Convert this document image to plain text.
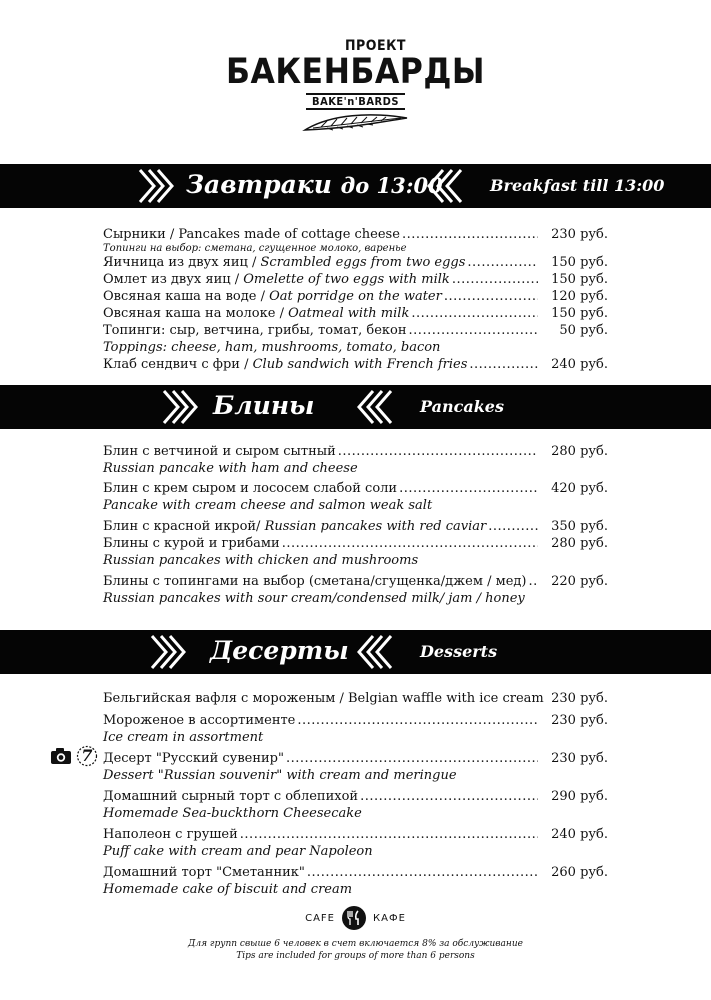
ПРОЕКТ
БАКЕНБАРДЫ
BAKE'n'BARDS
Завтраки до 13:00	Breakfast till 13:00
Сырники / Pancakes made of cottage cheese .....	230 руб.
Топинги на выбор: сметана, сгущенное молоко, варенье
Яичница из двух яиц / Scrambled eggs from two eggs .....	150 руб.
Омлет из двух яиц / Omelette of two eggs with milk .....	150 руб.
Овсяная каша на воде / Oat porridge on the water .....	120 руб.
Овсяная каша на молоке / Oatmeal with milk .....	150 руб.
Топинги: сыр, ветчина, грибы, томат, бекон .....	50 руб.
Toppings: cheese, ham, mushrooms, tomato, bacon
Клаб сендвич с фри / Club sandwich with French fries .....	240 руб.
Блины	Pancakes
Блин с ветчиной и сыром сытный .....	280 руб.
Russian pancake with ham and cheese
Блин с крем сыром и лососем слабой соли .....	420 руб.
Pancake with cream cheese and salmon weak salt
Блин с красной икрой/ Russian pancakes with red caviar .....	350 руб.
Блины с курой и грибами .....	280 руб.
Russian pancakes with chicken and mushrooms
Блины с топингами на выбор (сметана/сгущенка/джем / мед) ..... 220 руб.
Russian pancakes with sour cream/condensed milk/ jam / honey
Десерты	Desserts
Бельгийская вафля с мороженым / Belgian waffle with ice cream 230 руб.
Мороженое в ассортименте .....	230 руб.
Ice cream in assortment
Десерт "Русский сувенир" .....	230 руб.
Dessert "Russian souvenir" with cream and meringue
Домашний сырный торт с облепихой .....	290 руб.
Homemade Sea-buckthorn Cheesecake
Наполеон с грушей .....	240 руб.
Puff cake with cream and pear Napoleon
Домашний торт "Сметанник" .....	260 руб.
Homemade cake of biscuit and cream
7
CAFE	КАФЕ
Для групп свыше 6 человек в счет включается 8% за обслуживание
Tips are included for groups of more than 6 persons
